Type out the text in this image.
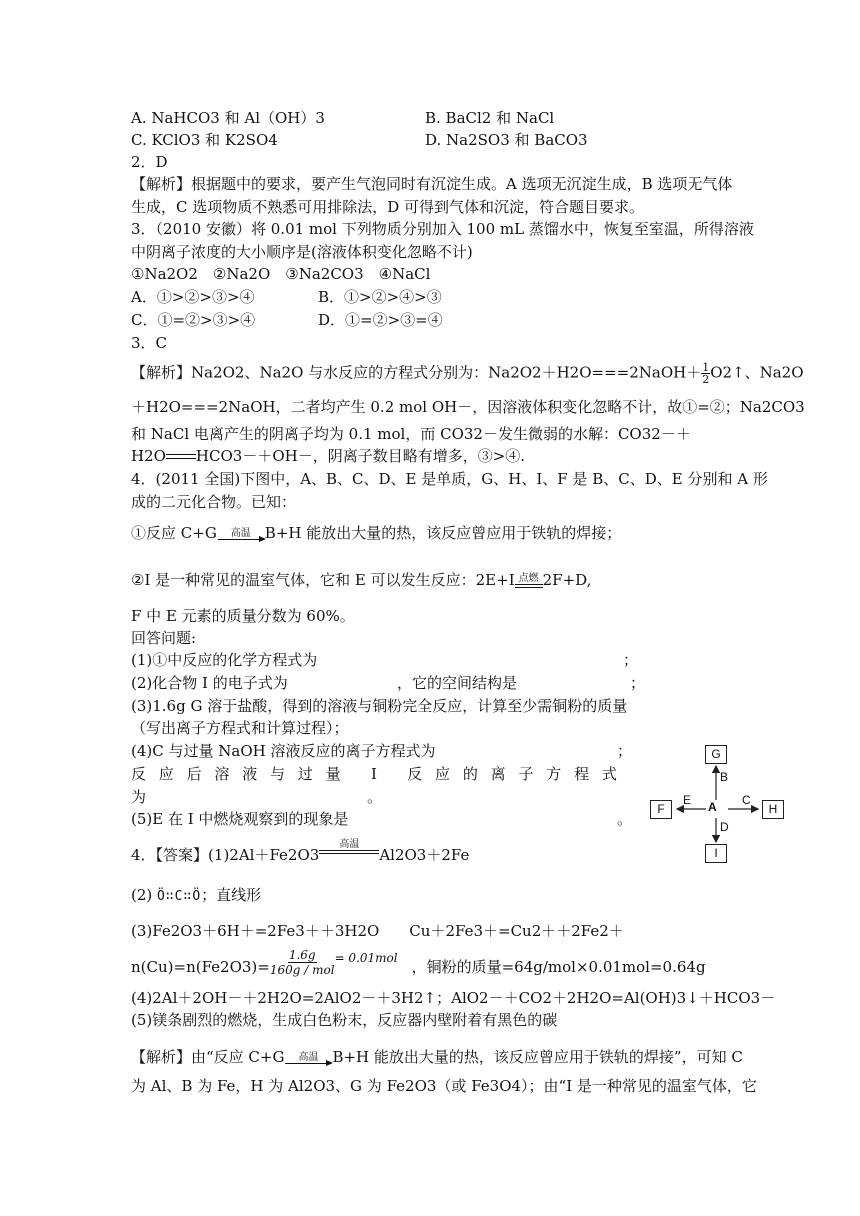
A. NaHCO3 和 Al（OH）3	B. BaCl2 和 NaCl
C. KClO3 和 K2SO4	D. Na2SO3 和 BaCO3
2．D
【解析】根据题中的要求，要产生气泡同时有沉淀生成。A 选项无沉淀生成，B 选项无气体
生成，C 选项物质不熟悉可用排除法，D 可得到气体和沉淀，符合题目要求。
3．（2010 安徽）将 0.01 mol 下列物质分别加入 100 mL 蒸馏水中，恢复至室温，所得溶液
中阴离子浓度的大小顺序是(溶液体积变化忽略不计)
①Na2O2　②Na2O　③Na2CO3　④NaCl
A．①>②>③>④	B．①>②>④>③
C．①=②>③>④	D．①=②>③=④
3．C
【解析】Na2O2、Na2O 与水反应的方程式分别为：Na2O2＋H2O===2NaOH＋ $\frac{1}{2}$ O2↑、Na2O
＋H2O===2NaOH，二者均产生 0.2 mol OH－，因溶液体积变化忽略不计，故①=②；Na2CO3
和 NaCl 电离产生的阴离子均为 0.1 mol，而 CO32－发生微弱的水解：CO32－＋
H2O HCO3－＋OH－，阴离子数目略有增多，③>④.
4．(2011 全国)下图中，A、B、C、D、E 是单质，G、H、I、F 是 B、C、D、E 分别和 A 形
成的二元化合物。已知：
①反应 C+G 高温 B+H 能放出大量的热，该反应曾应用于铁轨的焊接；
②I 是一种常见的温室气体，它和 E 可以发生反应：2E+I 点燃 2F+D,
F 中 E 元素的质量分数为 60%。
回答问题:
(1)①中反应的化学方程式为	；
(2)化合物 I 的电子式为	，它的空间结构是	；
(3)1.6g G 溶于盐酸，得到的溶液与铜粉完全反应，计算至少需铜粉的质量
（写出离子方程式和计算过程）；
(4)C 与过量 NaOH 溶液反应的离子方程式为	；
反应后溶液与过量 I 反应的离子方程式
为	。
(5)E 在 I 中燃烧观察到的现象是	。
G
F	H
I
A
B
E	C
D
4．【答案】(1)2Al＋Fe2O3
高温
Al2O3＋2Fe
(2) Ö∷C∷Ö；直线形
(3)Fe2O3＋6H＋=2Fe3＋＋3H2O　　Cu＋2Fe3＋=Cu2＋＋2Fe2＋
$n(Cu)=n(Fe2O3)= \frac{1.6g}{\text{160g / mol}} ^{= 0.01mol}$ ，铜粉的质量=64g/mol×0.01mol=0.64g
(4)2Al＋2OH－＋2H2O=2AlO2－＋3H2↑；AlO2－＋CO2＋2H2O=Al(OH)3↓＋HCO3－
(5)镁条剧烈的燃烧，生成白色粉末，反应器内壁附着有黑色的碳
【解析】由“反应 C+G 高温 B+H 能放出大量的热，该反应曾应用于铁轨的焊接”，可知 C
为 Al、B 为 Fe，H 为 Al2O3、G 为 Fe2O3（或 Fe3O4）；由“I 是一种常见的温室气体，它
